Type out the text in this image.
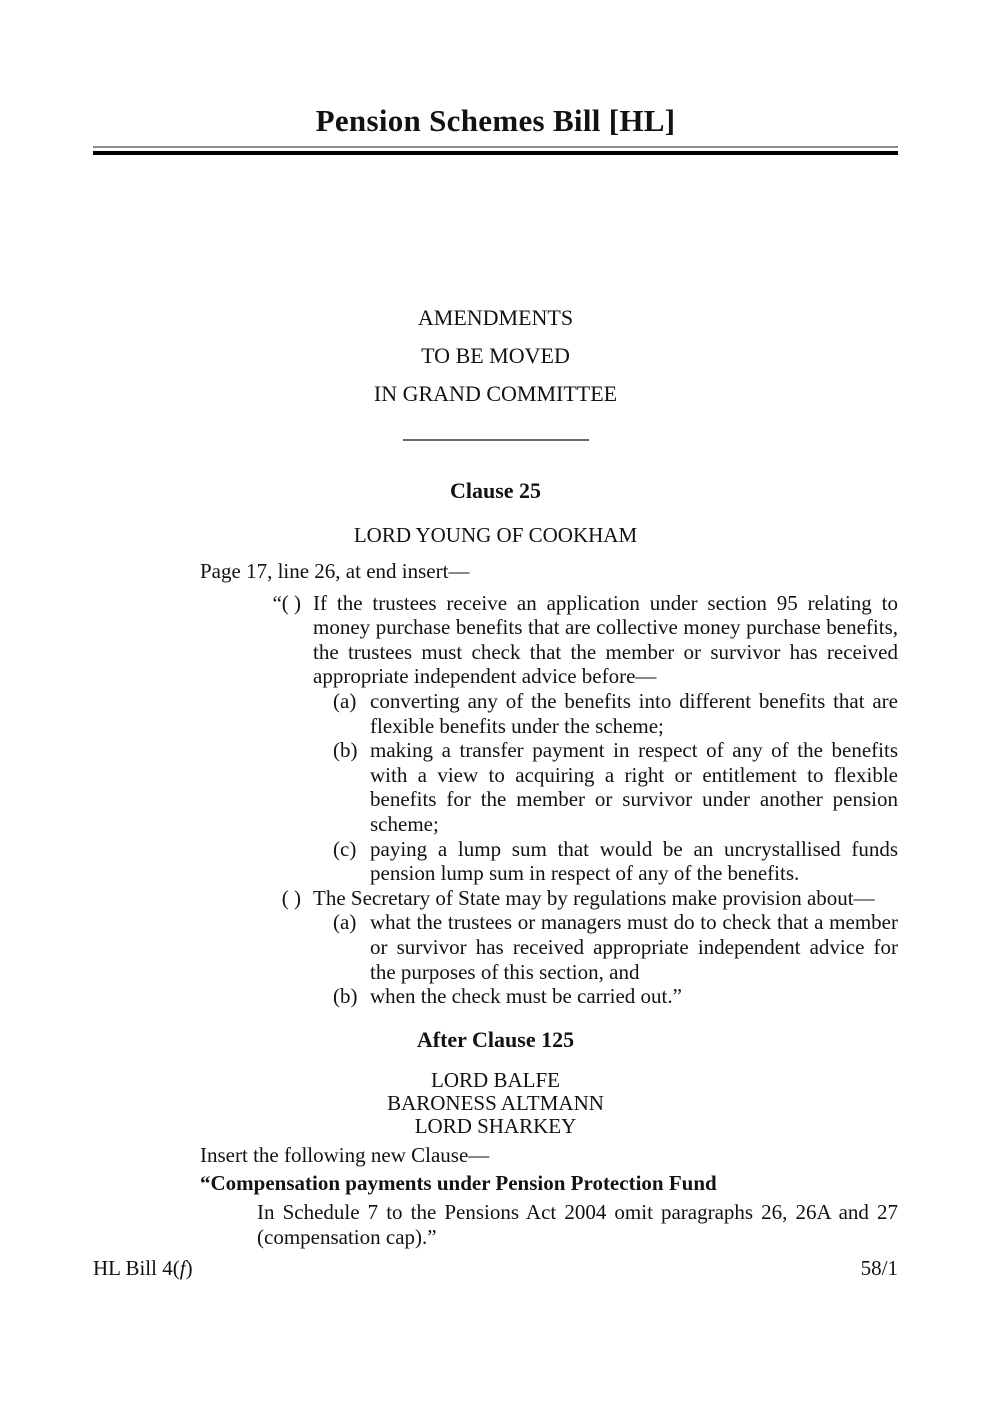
Pension Schemes Bill [HL]
AMENDMENTS
TO BE MOVED
IN GRAND COMMITTEE
Clause 25
LORD YOUNG OF COOKHAM
Page 17, line 26, at end insert—
“( ) If the trustees receive an application under section 95 relating to money purchase benefits that are collective money purchase benefits, the trustees must check that the member or survivor has received appropriate independent advice before—
(a) converting any of the benefits into different benefits that are flexible benefits under the scheme;
(b) making a transfer payment in respect of any of the benefits with a view to acquiring a right or entitlement to flexible benefits for the member or survivor under another pension scheme;
(c) paying a lump sum that would be an uncrystallised funds pension lump sum in respect of any of the benefits.
( ) The Secretary of State may by regulations make provision about—
(a) what the trustees or managers must do to check that a member or survivor has received appropriate independent advice for the purposes of this section, and
(b) when the check must be carried out.”
After Clause 125
LORD BALFE
BARONESS ALTMANN
LORD SHARKEY
Insert the following new Clause—
“Compensation payments under Pension Protection Fund
In Schedule 7 to the Pensions Act 2004 omit paragraphs 26, 26A and 27 (compensation cap).”
HL Bill 4(f)	58/1
